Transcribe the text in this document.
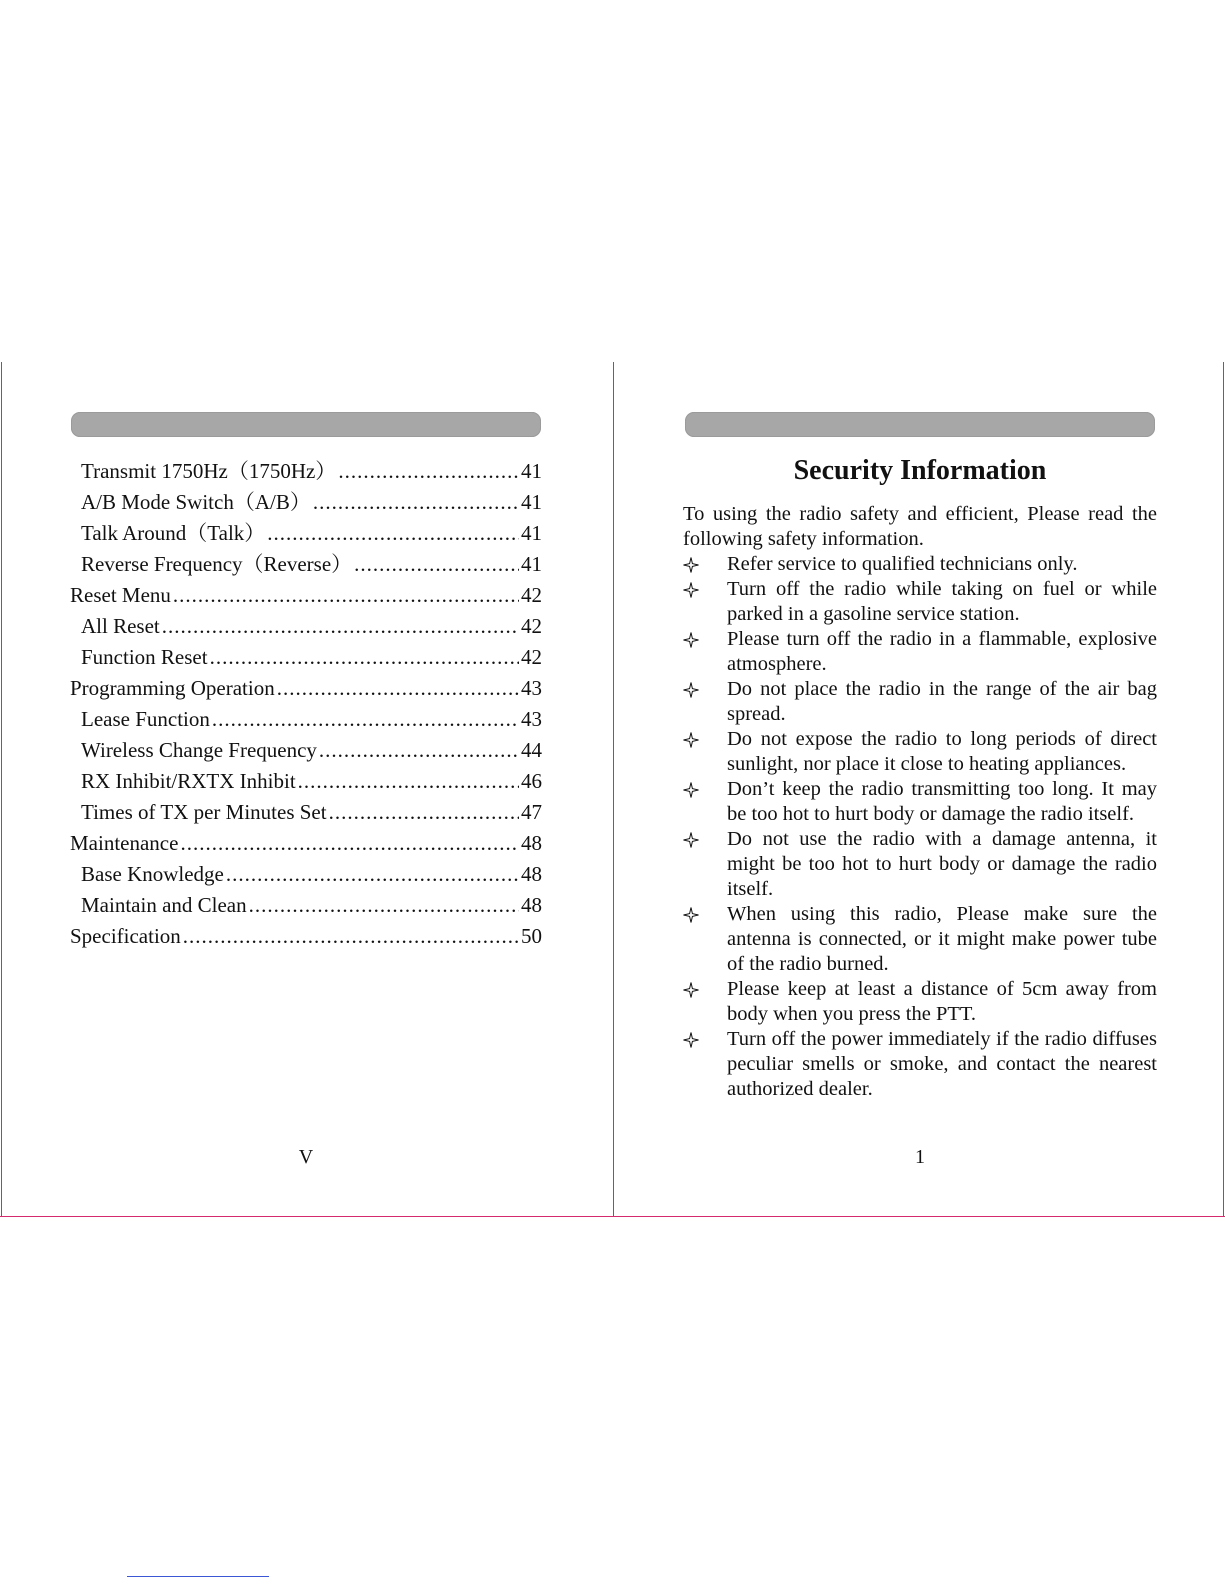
Transmit 1750Hz（1750Hz） .....	41
A/B Mode Switch（A/B） .....	41
Talk Around（Talk） .....	41
Reverse Frequency（Reverse） .....	41
Reset Menu .....	42
All Reset .....	42
Function Reset .....	42
Programming Operation .....	43
Lease Function .....	43
Wireless Change Frequency .....	44
RX Inhibit/RXTX Inhibit .....	46
Times of TX per Minutes Set .....	47
Maintenance .....	48
Base Knowledge .....	48
Maintain and Clean .....	48
Specification .....	50
V
Security Information

To using the radio safety and efficient, Please read the following safety information.

Refer service to qualified technicians only.
Turn off the radio while taking on fuel or while parked in a gasoline service station.
Please turn off the radio in a flammable, explosive atmosphere.
Do not place the radio in the range of the air bag spread.
Do not expose the radio to long periods of direct sunlight, nor place it close to heating appliances.
Don’t keep the radio transmitting too long. It may be too hot to hurt body or damage the radio itself.
Do not use the radio with a damage antenna, it might be too hot to hurt body or damage the radio itself.
When using this radio, Please make sure the antenna is connected, or it might make power tube of the radio burned.
Please keep at least a distance of 5cm away from body when you press the PTT.
Turn off the power immediately if the radio diffuses peculiar smells or smoke, and contact the nearest authorized dealer.
1
